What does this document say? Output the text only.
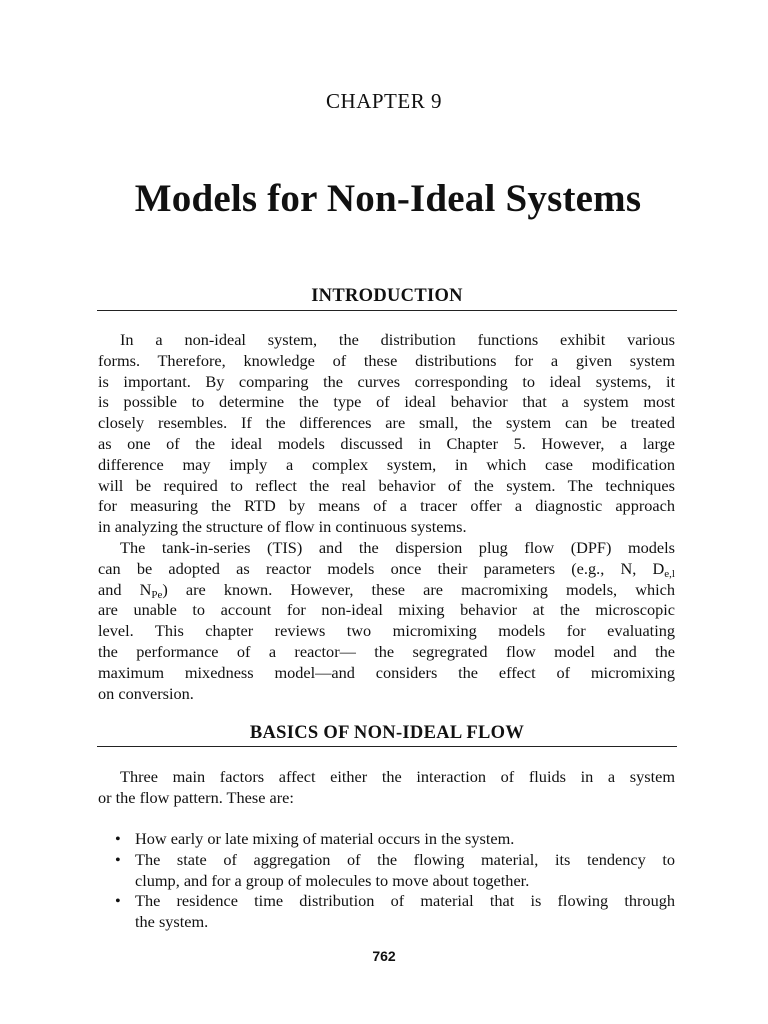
CHAPTER 9
Models for Non-Ideal Systems
INTRODUCTION
In a non-ideal system, the distribution functions exhibit various
forms. Therefore, knowledge of these distributions for a given system
is important. By comparing the curves corresponding to ideal systems, it
is possible to determine the type of ideal behavior that a system most
closely resembles. If the differences are small, the system can be treated
as one of the ideal models discussed in Chapter 5. However, a large
difference may imply a complex system, in which case modification
will be required to reflect the real behavior of the system. The techniques
for measuring the RTD by means of a tracer offer a diagnostic approach
in analyzing the structure of flow in continuous systems.
The tank-in-series (TIS) and the dispersion plug flow (DPF) models
can be adopted as reactor models once their parameters (e.g., N, $D_{e,l}$
and $N_{Pe}$) are known. However, these are macromixing models, which
are unable to account for non-ideal mixing behavior at the microscopic
level. This chapter reviews two micromixing models for evaluating
the performance of a reactor— the segregrated flow model and the
maximum mixedness model—and considers the effect of micromixing
on conversion.
BASICS OF NON-IDEAL FLOW
Three main factors affect either the interaction of fluids in a system
or the flow pattern. These are:
• How early or late mixing of material occurs in the system.
• The state of aggregation of the flowing material, its tendency to
clump, and for a group of molecules to move about together.
• The residence time distribution of material that is flowing through
the system.
762
